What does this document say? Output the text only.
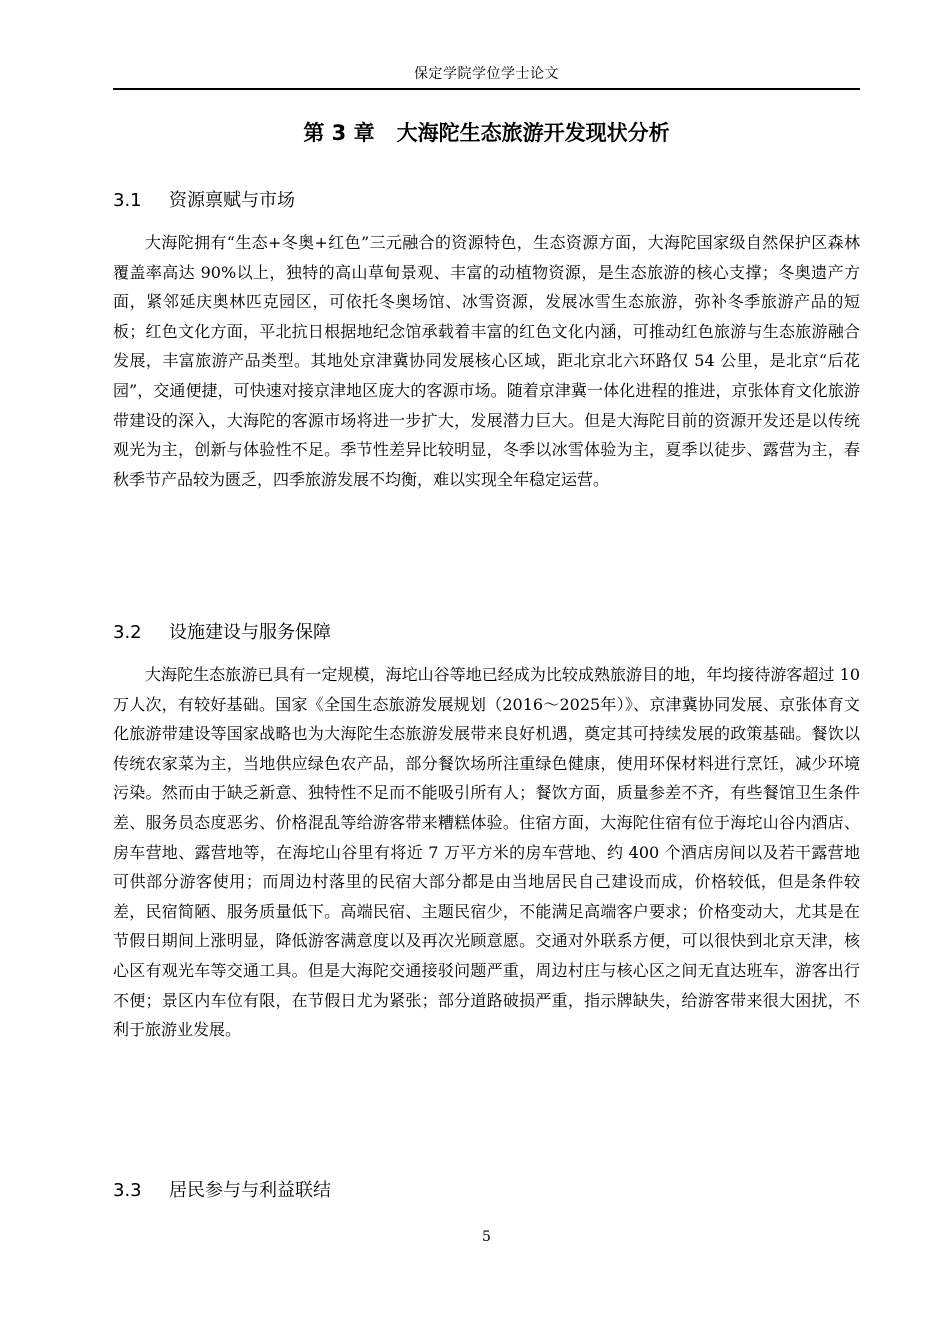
保定学院学位学士论文
第 3 章 大海陀生态旅游开发现状分析
3.1 资源禀赋与市场

大海陀拥有“生态+冬奥+红色”三元融合的资源特色，生态资源方面，大海陀国家级自然保护区森林覆盖率高达 90%以上，独特的高山草甸景观、丰富的动植物资源，是生态旅游的核心支撑；冬奥遗产方面，紧邻延庆奥林匹克园区，可依托冬奥场馆、冰雪资源，发展冰雪生态旅游，弥补冬季旅游产品的短板；红色文化方面，平北抗日根据地纪念馆承载着丰富的红色文化内涵，可推动红色旅游与生态旅游融合发展，丰富旅游产品类型。其地处京津冀协同发展核心区域，距北京北六环路仅 54 公里，是北京“后花园”，交通便捷，可快速对接京津地区庞大的客源市场。随着京津冀一体化进程的推进，京张体育文化旅游带建设的深入，大海陀的客源市场将进一步扩大，发展潜力巨大。但是大海陀目前的资源开发还是以传统观光为主，创新与体验性不足。季节性差异比较明显，冬季以冰雪体验为主，夏季以徒步、露营为主，春秋季节产品较为匮乏，四季旅游发展不均衡，难以实现全年稳定运营。

3.2 设施建设与服务保障

大海陀生态旅游已具有一定规模，海坨山谷等地已经成为比较成熟旅游目的地，年均接待游客超过 10 万人次，有较好基础。国家《全国生态旅游发展规划（2016～2025年）》、京津冀协同发展、京张体育文化旅游带建设等国家战略也为大海陀生态旅游发展带来良好机遇，奠定其可持续发展的政策基础。餐饮以传统农家菜为主，当地供应绿色农产品，部分餐饮场所注重绿色健康，使用环保材料进行烹饪，减少环境污染。然而由于缺乏新意、独特性不足而不能吸引所有人；餐饮方面，质量参差不齐，有些餐馆卫生条件差、服务员态度恶劣、价格混乱等给游客带来糟糕体验。住宿方面，大海陀住宿有位于海坨山谷内酒店、房车营地、露营地等，在海坨山谷里有将近 7 万平方米的房车营地、约 400 个酒店房间以及若干露营地可供部分游客使用；而周边村落里的民宿大部分都是由当地居民自己建设而成，价格较低，但是条件较差，民宿简陋、服务质量低下。高端民宿、主题民宿少，不能满足高端客户要求；价格变动大，尤其是在节假日期间上涨明显，降低游客满意度以及再次光顾意愿。交通对外联系方便，可以很快到北京天津，核心区有观光车等交通工具。但是大海陀交通接驳问题严重，周边村庄与核心区之间无直达班车，游客出行不便；景区内车位有限，在节假日尤为紧张；部分道路破损严重，指示牌缺失，给游客带来很大困扰，不利于旅游业发展。

3.3 居民参与与利益联结
5
